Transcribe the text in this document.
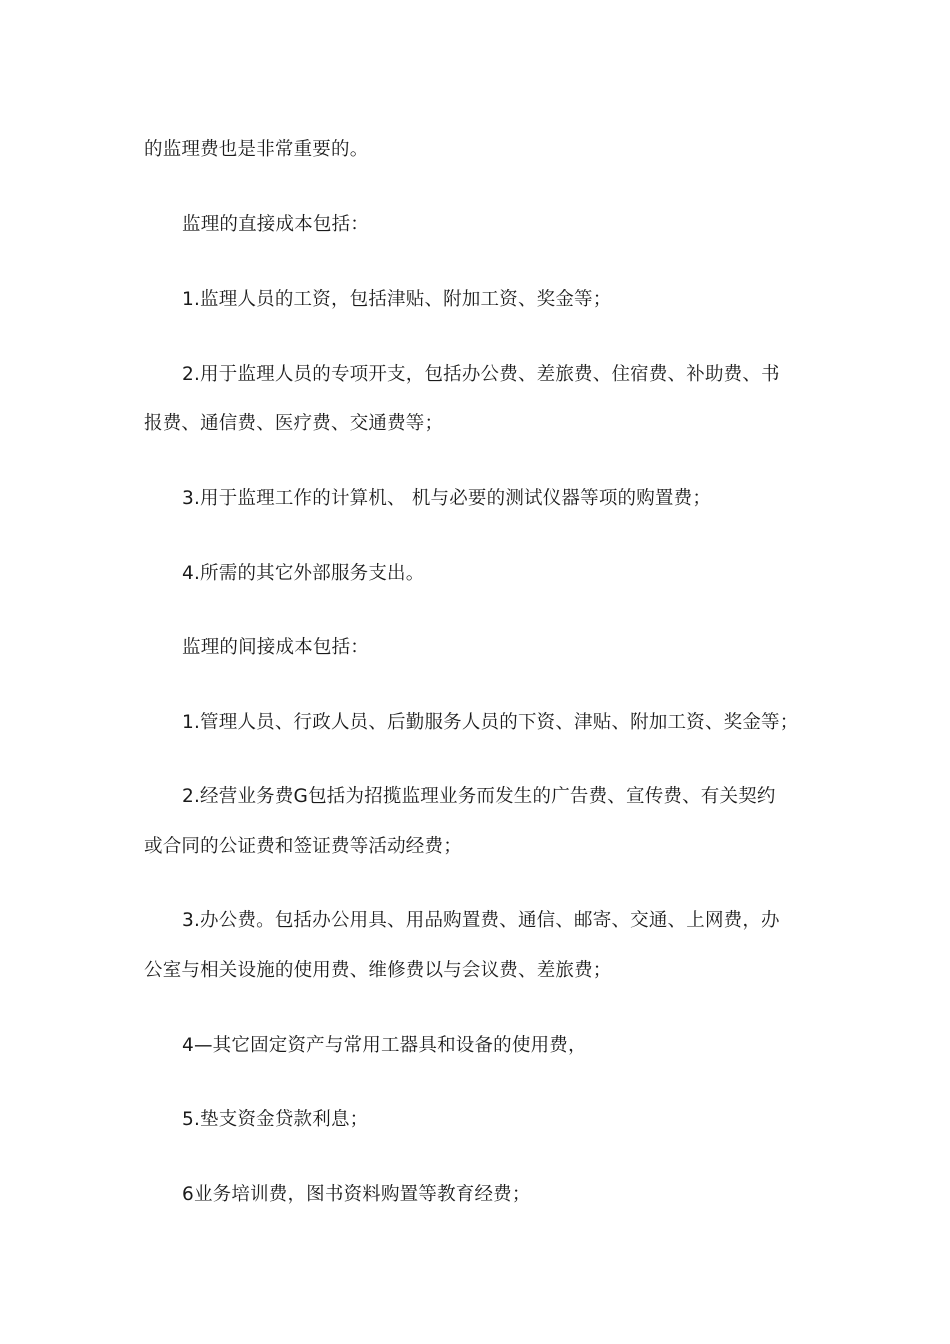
的监理费也是非常重要的。
监理的直接成本包括：
1.监理人员的工资，包括津贴、附加工资、奖金等；
2.用于监理人员的专项开支，包括办公费、差旅费、住宿费、补助费、书
报费、通信费、医疗费、交通费等；
3.用于监理工作的计算机、 机与必要的测试仪器等项的购置费；
4.所需的其它外部服务支出。
监理的间接成本包括：
1.管理人员、行政人员、后勤服务人员的下资、津贴、附加工资、奖金等；
2.经营业务费G包括为招揽监理业务而发生的广告费、宣传费、有关契约
或合同的公证费和签证费等活动经费；
3.办公费。包括办公用具、用品购置费、通信、邮寄、交通、上网费，办
公室与相关设施的使用费、维修费以与会议费、差旅费；
4—其它固定资产与常用工器具和设备的使用费，
5.垫支资金贷款利息；
6业务培训费，图书资料购置等教育经费；
